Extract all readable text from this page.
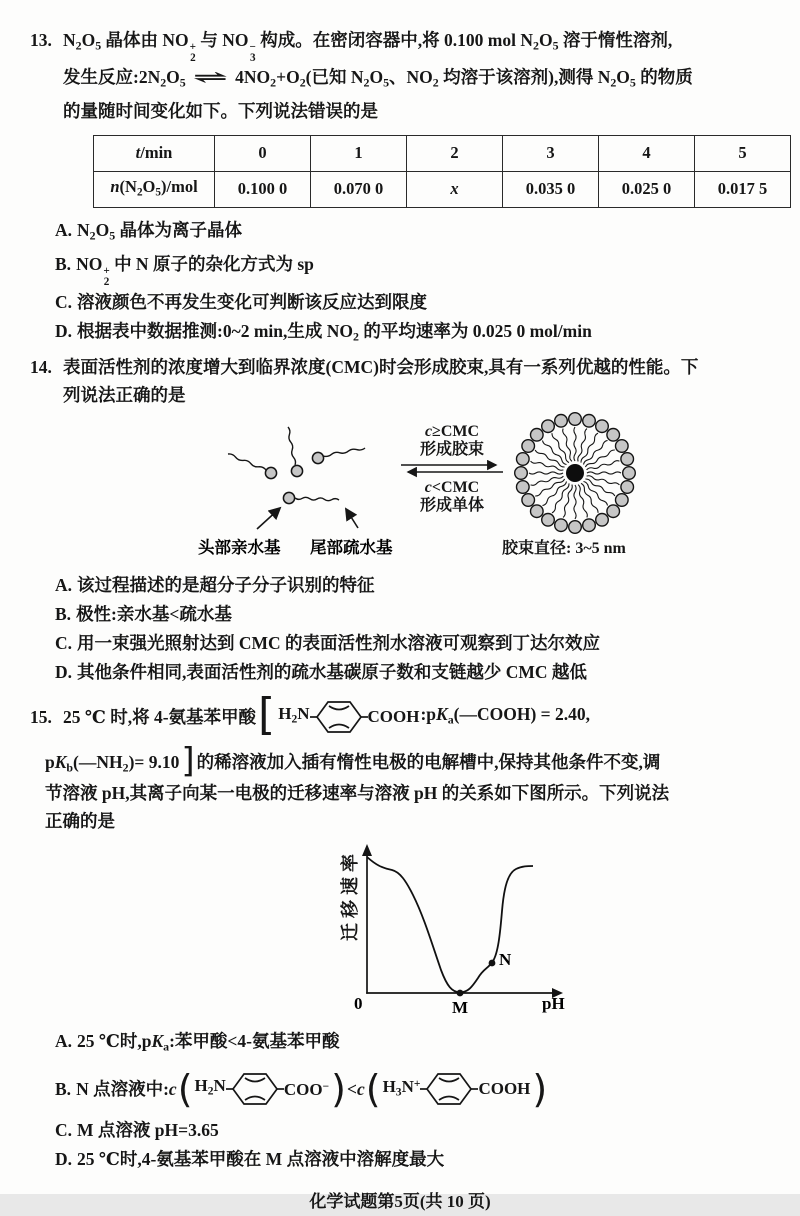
13. $N_2O_5$ 晶体由 NO +
2
与 NO −
3
构成。在密闭容器中,将 0.100 mol $N_2O_5$ 溶于惰性溶剂,
发生反应$:2N_2O_5$ ⇌ $4NO_2+O_2$(已知 $N_2O_5$、$NO_2$ 均溶于该溶剂),测得 $N_2O_5$ 的物质
的量随时间变化如下。下列说法错误的是
t/min	0	1	2	3	4	5
$n(N_2O_5)$/mol	0.100 0	0.070 0	x	0.035 0	0.025 0	0.017 5
A. $N_2O_5$ 晶体为离子晶体
B. NO +
2
中 N 原子的杂化方式为 sp
C. 溶液颜色不再发生变化可判断该反应达到限度
D. 根据表中数据推测:0~2 min,生成 $NO_2$ 的平均速率为 0.025 0 mol/min
14. 表面活性剂的浓度增大到临界浓度(CMC)时会形成胶束,具有一系列优越的性能。下
列说法正确的是
头部亲水基 尾部疏水基
c≥CMC
形成胶束
c<CMC
形成单体
胶束直径: 3~5 nm
A. 该过程描述的是超分子分子识别的特征
B. 极性:亲水基<疏水基
C. 用一束强光照射达到 CMC 的表面活性剂水溶液可观察到丁达尔效应
D. 其他条件相同,表面活性剂的疏水基碳原子数和支链越少 CMC 越低
15. 25 ℃ 时,将 4-氨基苯甲酸 [ $H_2N$	COOH $:pK_a(—COOH) = 2.40$,
$pK_b(—NH_2)= 9.10$] 的稀溶液加入插有惰性电极的电解槽中,保持其他条件不变,调
节溶液 pH,其离子向某一电极的迁移速率与溶液 pH 的关系如下图所示。下列说法
正确的是
迁移速率
0	M
N
pH
A. 25 ℃时$,pK_a$:苯甲酸<4-氨基苯甲酸
B. N 点溶液中:c ( $H_2N$	COO− ) <c ( $H_3N^+$	COOH )
C. M 点溶液 pH=3.65
D. 25 ℃时,4-氨基苯甲酸在 M 点溶液中溶解度最大
化学试题第5页(共 10 页)
